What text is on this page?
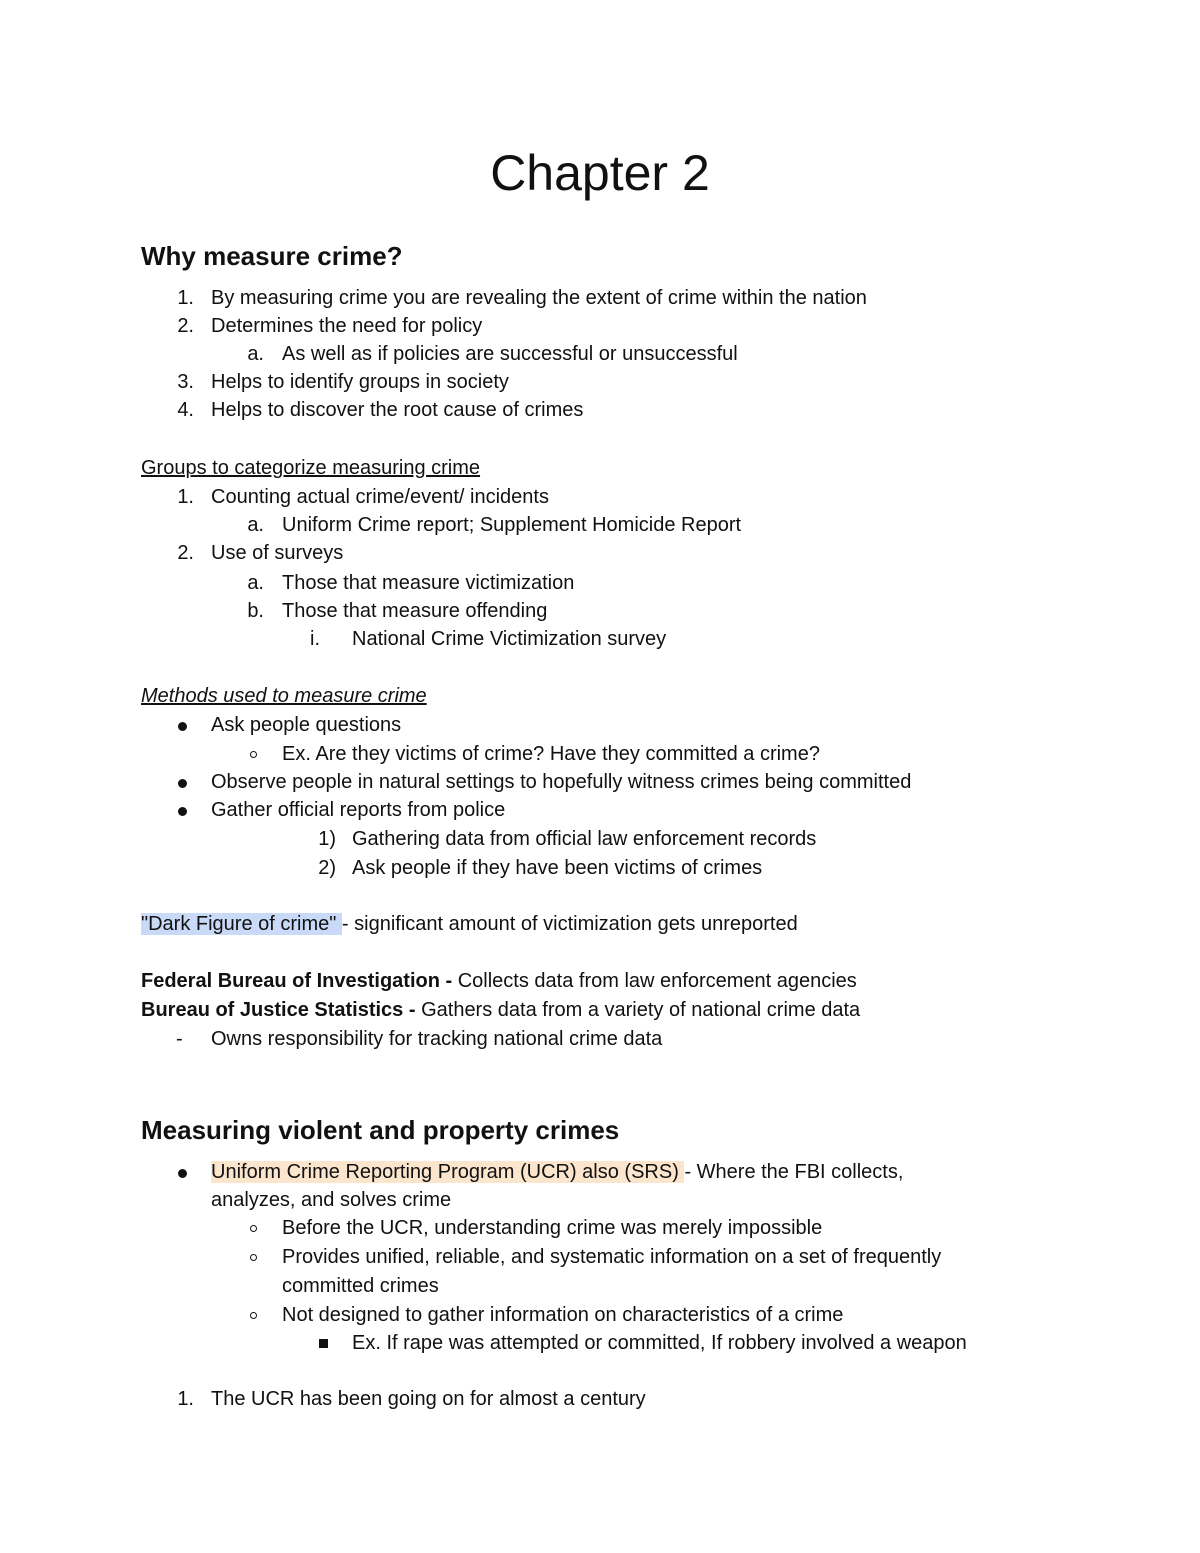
Chapter 2
Why measure crime?
1. By measuring crime you are revealing the extent of crime within the nation
2. Determines the need for policy
a. As well as if policies are successful or unsuccessful
3. Helps to identify groups in society
4. Helps to discover the root cause of crimes
Groups to categorize measuring crime
1. Counting actual crime/event/ incidents
a. Uniform Crime report; Supplement Homicide Report
2. Use of surveys
a. Those that measure victimization
b. Those that measure offending
i. National Crime Victimization survey
Methods used to measure crime
Ask people questions
Ex. Are they victims of crime? Have they committed a crime?
Observe people in natural settings to hopefully witness crimes being committed
Gather official reports from police
1) Gathering data from official law enforcement records
2) Ask people if they have been victims of crimes
"Dark Figure of crime" - significant amount of victimization gets unreported
Federal Bureau of Investigation - Collects data from law enforcement agencies
Bureau of Justice Statistics - Gathers data from a variety of national crime data
- Owns responsibility for tracking national crime data
Measuring violent and property crimes
Uniform Crime Reporting Program (UCR) also (SRS) - Where the FBI collects,
analyzes, and solves crime
Before the UCR, understanding crime was merely impossible
Provides unified, reliable, and systematic information on a set of frequently
committed crimes
Not designed to gather information on characteristics of a crime
Ex. If rape was attempted or committed, If robbery involved a weapon
1. The UCR has been going on for almost a century
